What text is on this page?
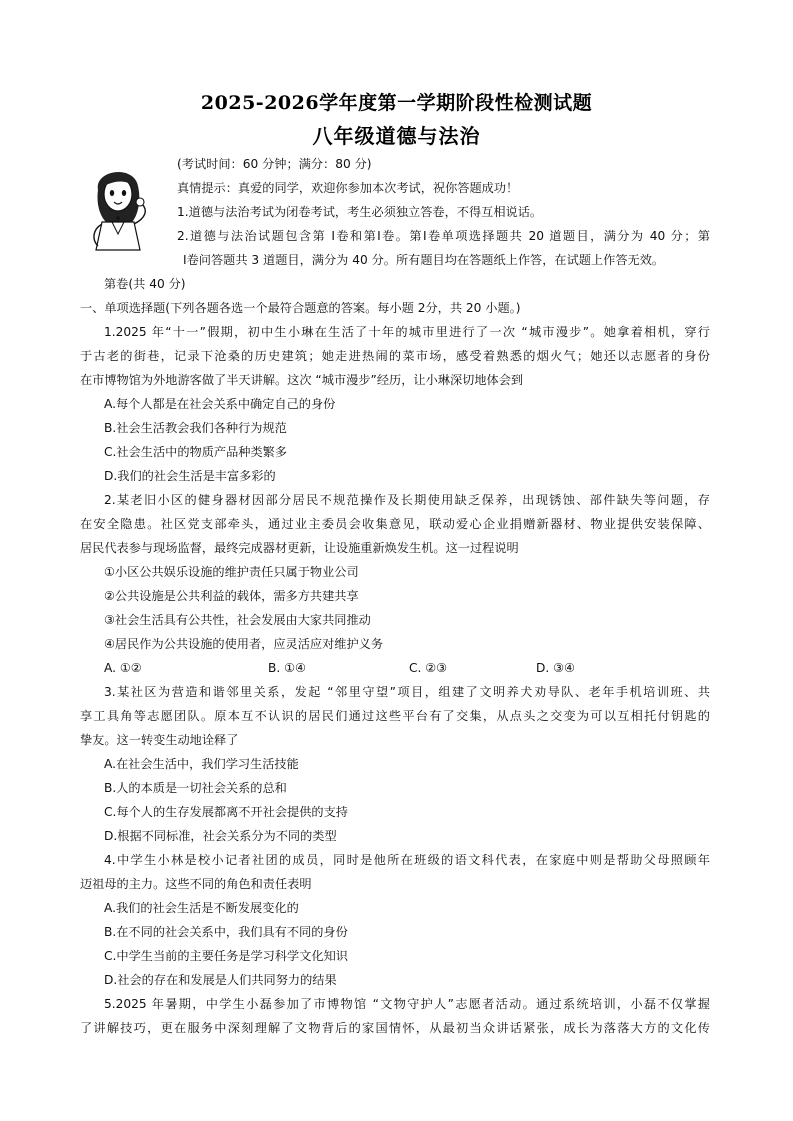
2025-2026学年度第一学期阶段性检测试题
八年级道德与法治
(考试时间：60 分钟；满分：80 分)
真情提示：真爱的同学，欢迎你参加本次考试，祝你答题成功！
1.道德与法治考试为闭卷考试，考生必须独立答卷，不得互相说话。
2.道德与法治试题包含第 Ⅰ卷和第Ⅰ卷。第Ⅰ卷单项选择题共 20 道题目，满分为 40 分；第
Ⅰ卷问答题共 3 道题目，满分为 40 分。所有题目均在答题纸上作答，在试题上作答无效。
第卷(共 40 分)
一、单项选择题(下列各题各选一个最符合题意的答案。每小题 2分，共 20 小题。)
1.2025 年“十一”假期，初中生小琳在生活了十年的城市里进行了一次 “城市漫步”。她拿着相机，穿行
于古老的街巷，记录下沧桑的历史建筑；她走进热闹的菜市场，感受着熟悉的烟火气；她还以志愿者的身份
在市博物馆为外地游客做了半天讲解。这次 “城市漫步”经历，让小琳深切地体会到
A.每个人都是在社会关系中确定自己的身份
B.社会生活教会我们各种行为规范
C.社会生活中的物质产品种类繁多
D.我们的社会生活是丰富多彩的
2.某老旧小区的健身器材因部分居民不规范操作及长期使用缺乏保养，出现锈蚀、部件缺失等问题，存
在安全隐患。社区党支部牵头，通过业主委员会收集意见，联动爱心企业捐赠新器材、物业提供安装保障、
居民代表参与现场监督，最终完成器材更新，让设施重新焕发生机。这一过程说明
①小区公共娱乐设施的维护责任只属于物业公司
②公共设施是公共利益的载体，需多方共建共享
③社会生活具有公共性，社会发展由大家共同推动
④居民作为公共设施的使用者，应灵活应对维护义务
A. ①②	B. ①④	C. ②③	D. ③④
3.某社区为营造和谐邻里关系，发起 “邻里守望”项目，组建了文明养犬劝导队、老年手机培训班、共
享工具角等志愿团队。原本互不认识的居民们通过这些平台有了交集，从点头之交变为可以互相托付钥匙的
挚友。这一转变生动地诠释了
A.在社会生活中，我们学习生活技能
B.人的本质是一切社会关系的总和
C.每个人的生存发展都离不开社会提供的支持
D.根据不同标准，社会关系分为不同的类型
4.中学生小林是校小记者社团的成员，同时是他所在班级的语文科代表，在家庭中则是帮助父母照顾年
迈祖母的主力。这些不同的角色和责任表明
A.我们的社会生活是不断发展变化的
B.在不同的社会关系中，我们具有不同的身份
C.中学生当前的主要任务是学习科学文化知识
D.社会的存在和发展是人们共同努力的结果
5.2025 年暑期，中学生小磊参加了市博物馆 “文物守护人”志愿者活动。通过系统培训，小磊不仅掌握
了讲解技巧，更在服务中深刻理解了文物背后的家国情怀，从最初当众讲话紧张，成长为落落大方的文化传
